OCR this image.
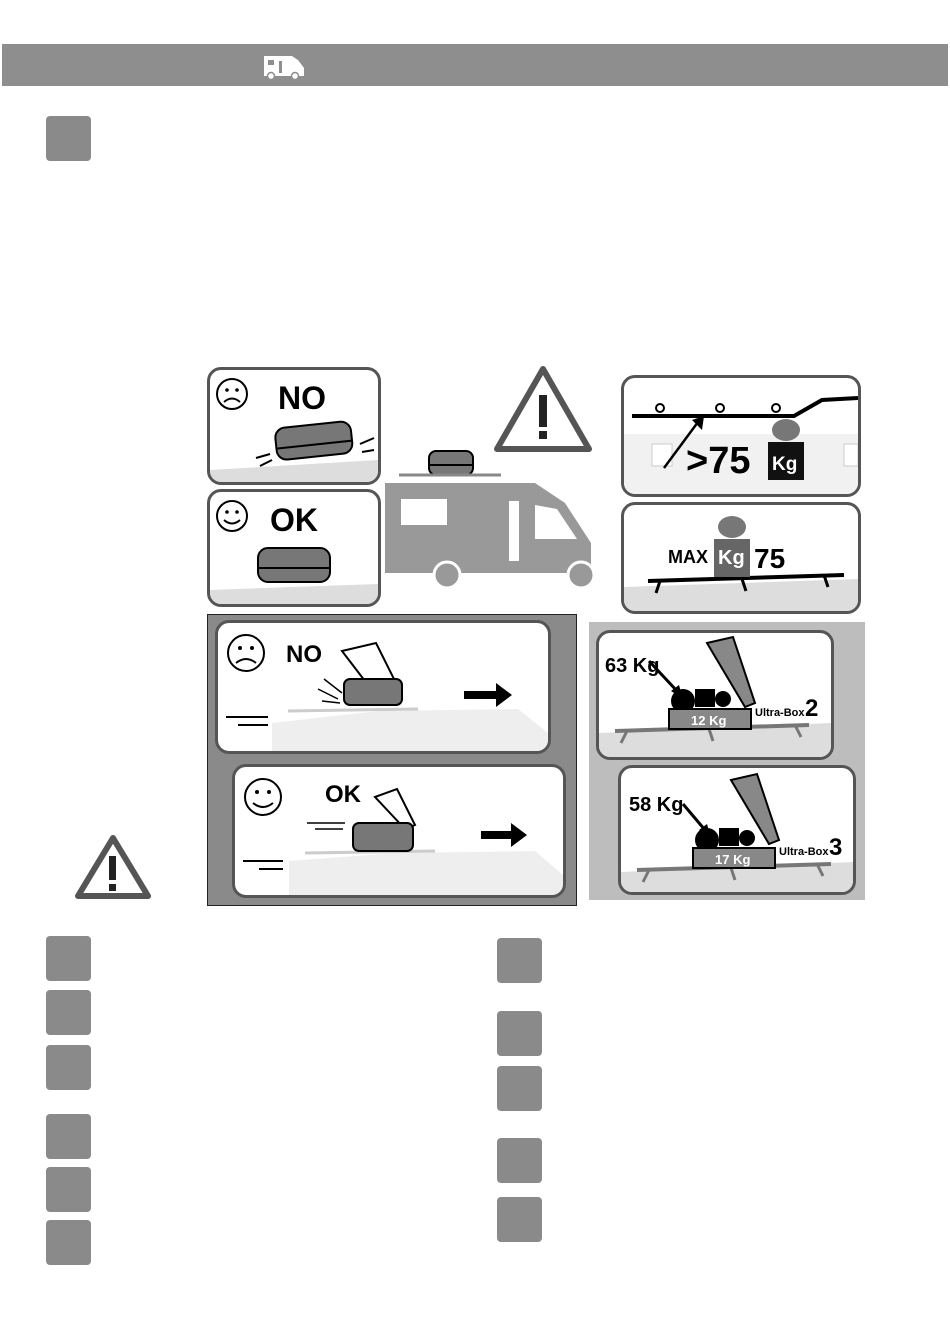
NO
OK
>75 Kg
MAX Kg 75
NO
OK
63 Kg
12 Kg	Ultra-Box 2
58 Kg
17 Kg	Ultra-Box 3
